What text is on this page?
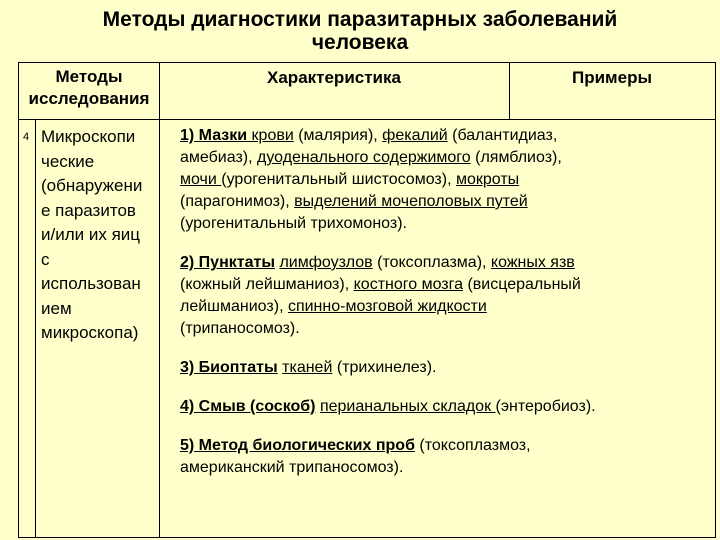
Методы диагностики паразитарных заболеваний
человека
Методы
исследования
Характеристика	Примеры
4 Микроскопи
ческие
(обнаружени
е паразитов
и/или их яиц
с
использован
ием
микроскопа)
1) Мазки крови (малярия), фекалий (балантидиаз,
амебиаз), дуоденального содержимого (лямблиоз),
мочи (урогенитальный шистосомоз), мокроты
(парагонимоз), выделений мочеполовых путей
(урогенитальный трихомоноз).
2) Пунктаты лимфоузлов (токсоплазма), кожных язв
(кожный лейшманиоз), костного мозга (висцеральный
лейшманиоз), спинно-мозговой жидкости
(трипаносомоз).
3) Биоптаты тканей (трихинелез).
4) Смыв (соскоб) перианальных складок (энтеробиоз).
5) Метод биологических проб (токсоплазмоз,
американский трипаносомоз).
